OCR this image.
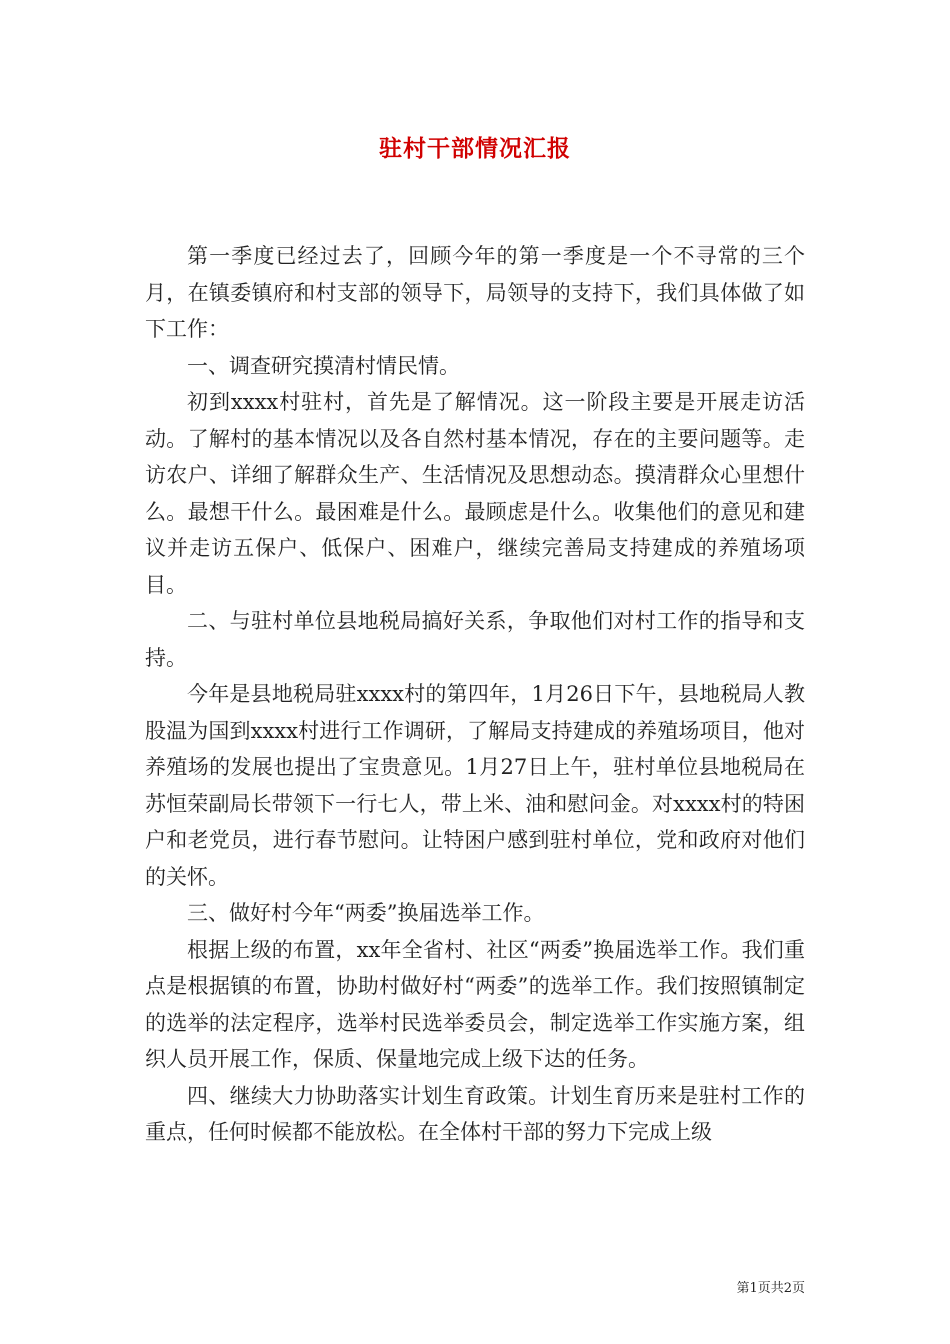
驻村干部情况汇报

第一季度已经过去了，回顾今年的第一季度是一个不寻常的三个月，在镇委镇府和村支部的领导下，局领导的支持下，我们具体做了如下工作：

一、调查研究摸清村情民情。

初到xxxx村驻村，首先是了解情况。这一阶段主要是开展走访活动。了解村的基本情况以及各自然村基本情况，存在的主要问题等。走访农户、详细了解群众生产、生活情况及思想动态。摸清群众心里想什么。最想干什么。最困难是什么。最顾虑是什么。收集他们的意见和建议并走访五保户、低保户、困难户，继续完善局支持建成的养殖场项目。

二、与驻村单位县地税局搞好关系，争取他们对村工作的指导和支持。

今年是县地税局驻xxxx村的第四年，1月26日下午，县地税局人教股温为国到xxxx村进行工作调研，了解局支持建成的养殖场项目，他对养殖场的发展也提出了宝贵意见。1月27日上午，驻村单位县地税局在苏恒荣副局长带领下一行七人，带上米、油和慰问金。对xxxx村的特困户和老党员，进行春节慰问。让特困户感到驻村单位，党和政府对他们的关怀。

三、做好村今年“两委”换届选举工作。

根据上级的布置，xx年全省村、社区“两委”换届选举工作。我们重点是根据镇的布置，协助村做好村“两委”的选举工作。我们按照镇制定的选举的法定程序，选举村民选举委员会，制定选举工作实施方案，组织人员开展工作，保质、保量地完成上级下达的任务。

四、继续大力协助落实计划生育政策。计划生育历来是驻村工作的重点，任何时候都不能放松。在全体村干部的努力下完成上级

第1页共2页
